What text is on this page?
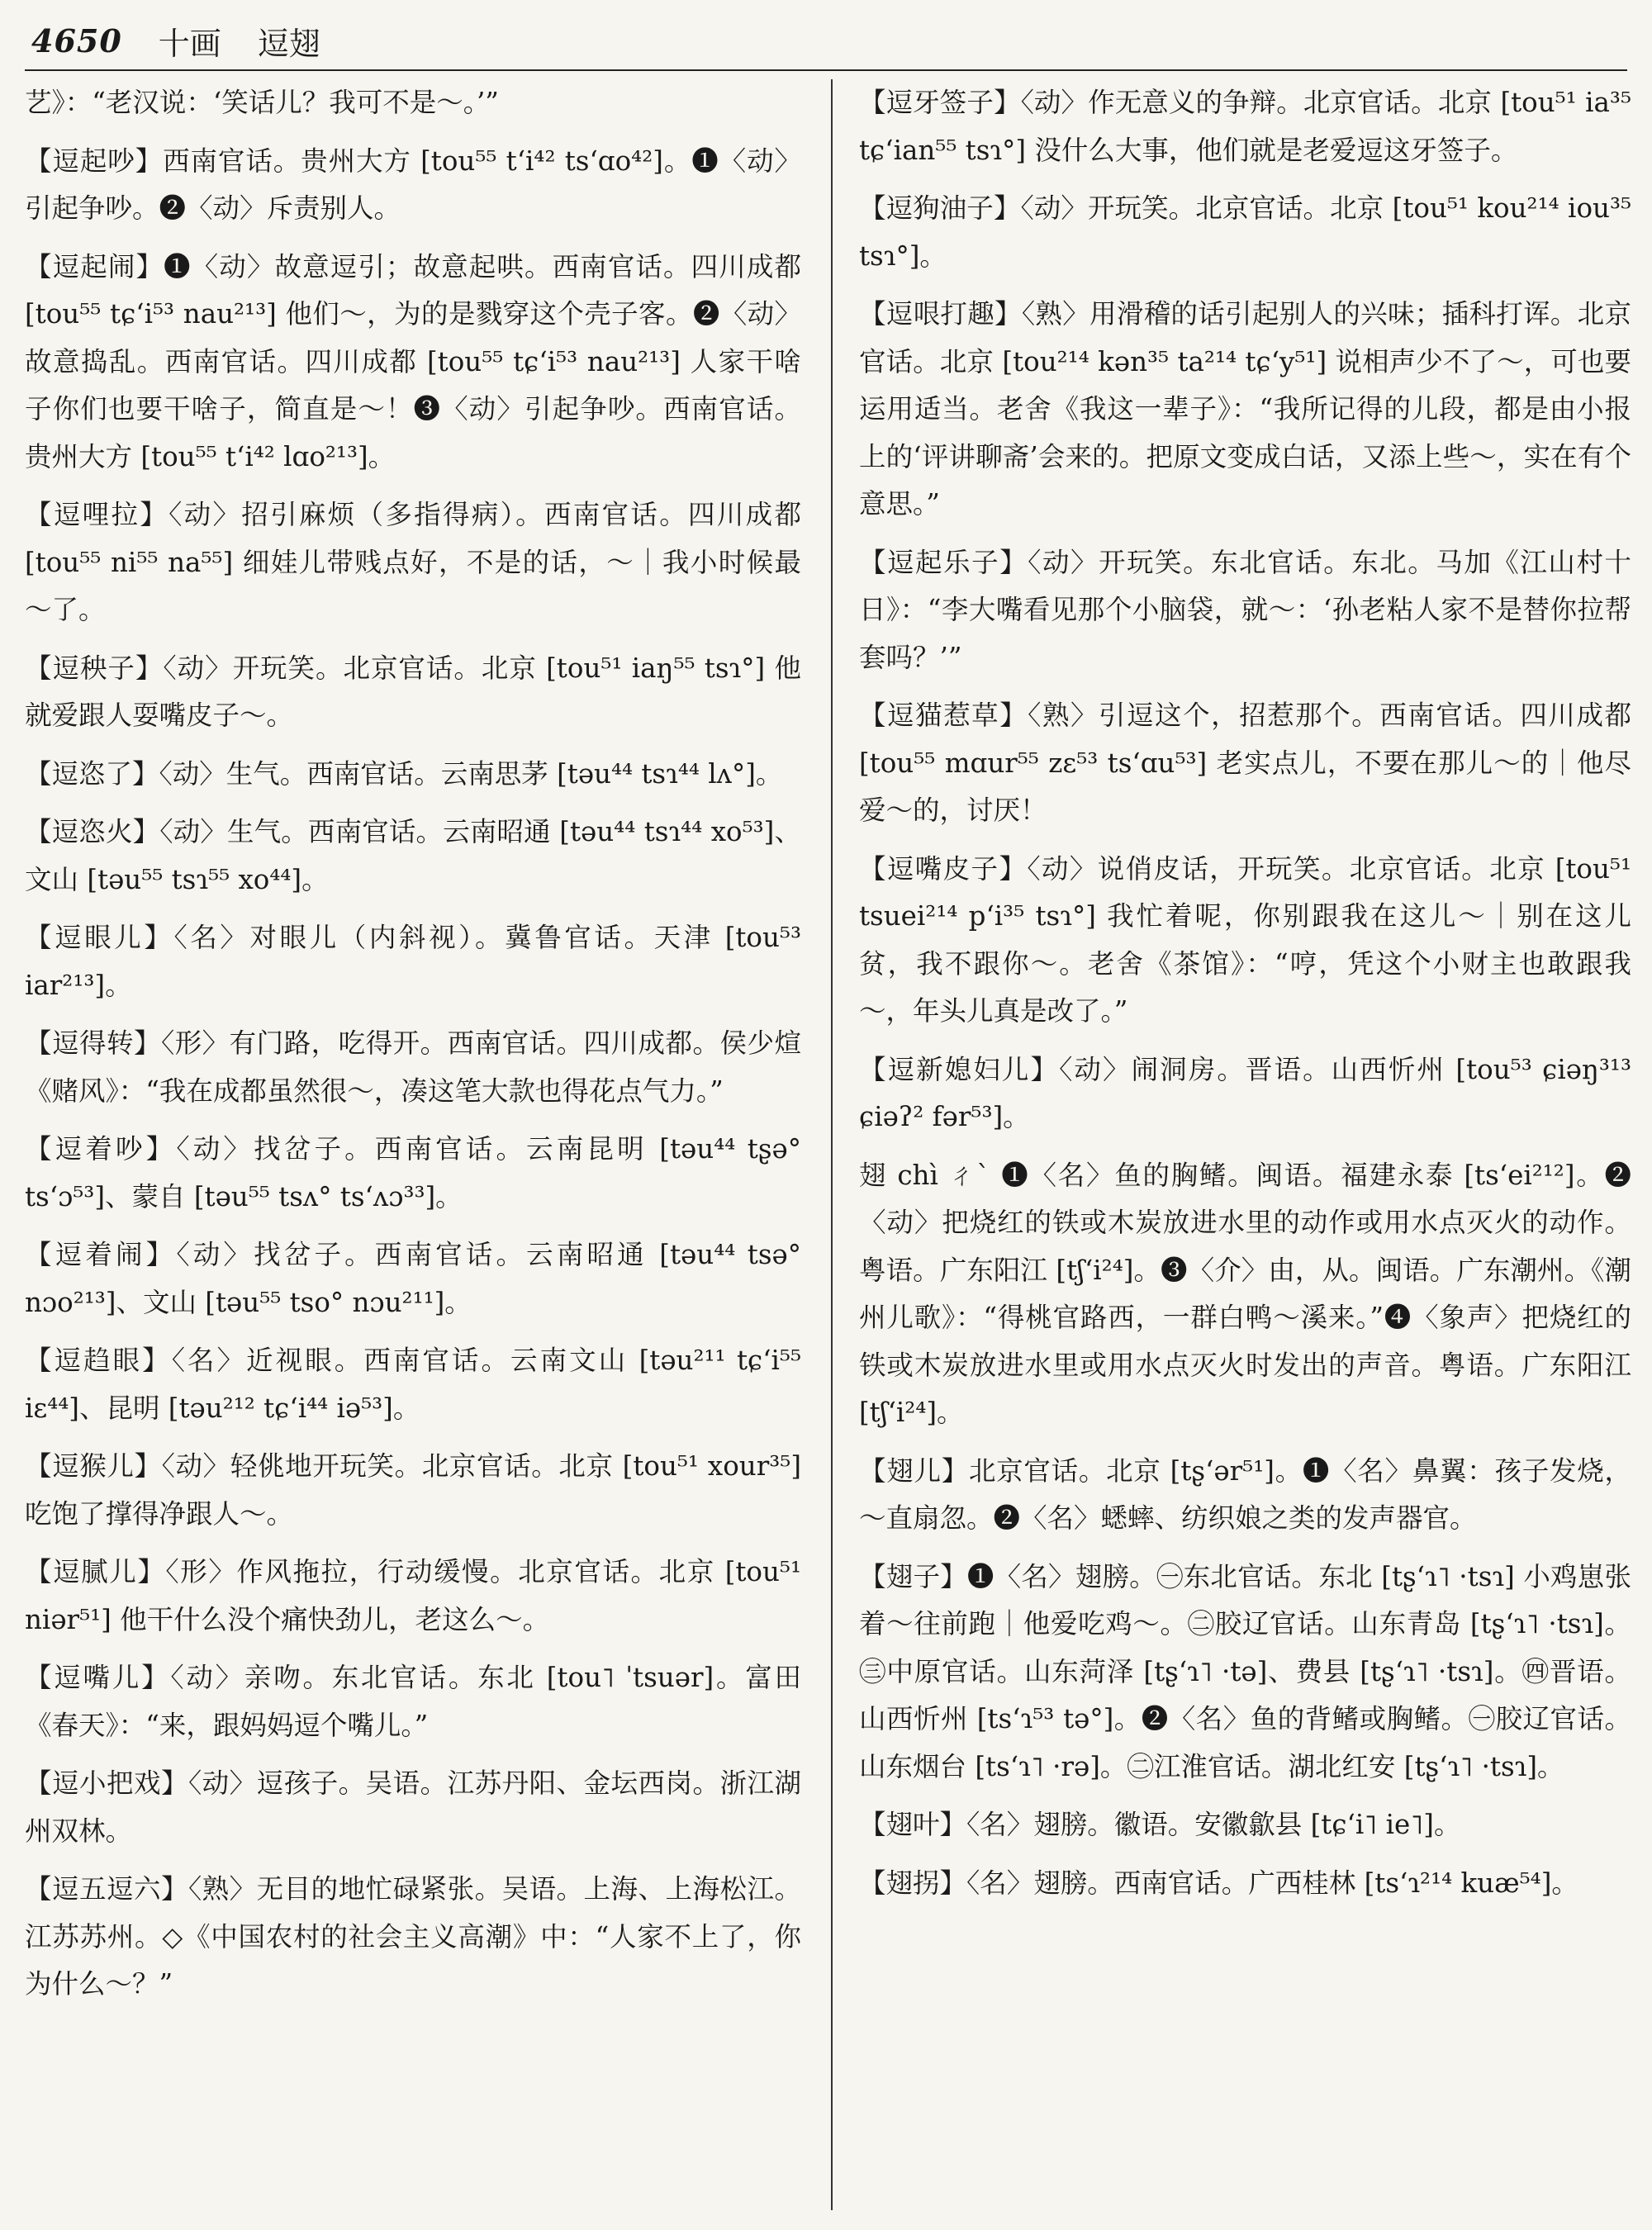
4650 十画 逗翅
艺》：“老汉说：‘笑话儿？我可不是～。’”
【逗起吵】西南官话。贵州大方 [tou⁵⁵ t‘i⁴² ts‘ɑo⁴²]。❶〈动〉引起争吵。❷〈动〉斥责别人。
【逗起闹】❶〈动〉故意逗引；故意起哄。西南官话。四川成都 [tou⁵⁵ tɕ‘i⁵³ nau²¹³] 他们～，为的是戮穿这个壳子客。❷〈动〉故意捣乱。西南官话。四川成都 [tou⁵⁵ tɕ‘i⁵³ nau²¹³] 人家干啥子你们也要干啥子，简直是～！❸〈动〉引起争吵。西南官话。贵州大方 [tou⁵⁵ t‘i⁴² lɑo²¹³]。
【逗哩拉】〈动〉招引麻烦（多指得病）。西南官话。四川成都 [tou⁵⁵ ni⁵⁵ na⁵⁵] 细娃儿带贱点好，不是的话，～｜我小时候最～了。
【逗秧子】〈动〉开玩笑。北京官话。北京 [tou⁵¹ iaŋ⁵⁵ tsɿ°] 他就爱跟人耍嘴皮子～。
【逗恣了】〈动〉生气。西南官话。云南思茅 [təu⁴⁴ tsɿ⁴⁴ lʌ°]。
【逗恣火】〈动〉生气。西南官话。云南昭通 [təu⁴⁴ tsɿ⁴⁴ xo⁵³]、文山 [təu⁵⁵ tsɿ⁵⁵ xo⁴⁴]。
【逗眼儿】〈名〉对眼儿（内斜视）。冀鲁官话。天津 [tou⁵³ iar²¹³]。
【逗得转】〈形〉有门路，吃得开。西南官话。四川成都。侯少煊《赌风》：“我在成都虽然很～，凑这笔大款也得花点气力。”
【逗着吵】〈动〉找岔子。西南官话。云南昆明 [təu⁴⁴ tʂə° ts‘ɔ⁵³]、蒙自 [təu⁵⁵ tsʌ° ts‘ʌɔ³³]。
【逗着闹】〈动〉找岔子。西南官话。云南昭通 [təu⁴⁴ tsə° nɔo²¹³]、文山 [təu⁵⁵ tso° nɔu²¹¹]。
【逗趋眼】〈名〉近视眼。西南官话。云南文山 [təu²¹¹ tɕ‘i⁵⁵ iɛ⁴⁴]、昆明 [təu²¹² tɕ‘i⁴⁴ iə⁵³]。
【逗猴儿】〈动〉轻佻地开玩笑。北京官话。北京 [tou⁵¹ xour³⁵] 吃饱了撑得净跟人～。
【逗腻儿】〈形〉作风拖拉，行动缓慢。北京官话。北京 [tou⁵¹ niər⁵¹] 他干什么没个痛快劲儿，老这么～。
【逗嘴儿】〈动〉亲吻。东北官话。东北 [tou˥ ˈtsuər]。富田《春天》：“来，跟妈妈逗个嘴儿。”
【逗小把戏】〈动〉逗孩子。吴语。江苏丹阳、金坛西岗。浙江湖州双林。
【逗五逗六】〈熟〉无目的地忙碌紧张。吴语。上海、上海松江。江苏苏州。◇《中国农村的社会主义高潮》中：“人家不上了，你为什么～？”
【逗牙签子】〈动〉作无意义的争辩。北京官话。北京 [tou⁵¹ ia³⁵ tɕ‘ian⁵⁵ tsɿ°] 没什么大事，他们就是老爱逗这牙签子。
【逗狗油子】〈动〉开玩笑。北京官话。北京 [tou⁵¹ kou²¹⁴ iou³⁵ tsɿ°]。
【逗哏打趣】〈熟〉用滑稽的话引起别人的兴味；插科打诨。北京官话。北京 [tou²¹⁴ kən³⁵ ta²¹⁴ tɕ‘y⁵¹] 说相声少不了～，可也要运用适当。老舍《我这一辈子》：“我所记得的儿段，都是由小报上的‘评讲聊斋’会来的。把原文变成白话，又添上些～，实在有个意思。”
【逗起乐子】〈动〉开玩笑。东北官话。东北。马加《江山村十日》：“李大嘴看见那个小脑袋，就～：‘孙老粘人家不是替你拉帮套吗？’”
【逗猫惹草】〈熟〉引逗这个，招惹那个。西南官话。四川成都 [tou⁵⁵ mɑur⁵⁵ zɛ⁵³ ts‘ɑu⁵³] 老实点儿，不要在那儿～的｜他尽爱～的，讨厌！
【逗嘴皮子】〈动〉说俏皮话，开玩笑。北京官话。北京 [tou⁵¹ tsuei²¹⁴ p‘i³⁵ tsɿ°] 我忙着呢，你别跟我在这儿～｜别在这儿贫，我不跟你～。老舍《茶馆》：“哼，凭这个小财主也敢跟我～，年头儿真是改了。”
【逗新媳妇儿】〈动〉闹洞房。晋语。山西忻州 [tou⁵³ ɕiəŋ³¹³ ɕiəʔ² fər⁵³]。
翅 chì ㄔˋ ❶〈名〉鱼的胸鳍。闽语。福建永泰 [ts‘ei²¹²]。❷〈动〉把烧红的铁或木炭放进水里的动作或用水点灭火的动作。粤语。广东阳江 [tʃ‘i²⁴]。❸〈介〉由，从。闽语。广东潮州。《潮州儿歌》：“得桃官路西，一群白鸭～溪来。”❹〈象声〉把烧红的铁或木炭放进水里或用水点灭火时发出的声音。粤语。广东阳江 [tʃ‘i²⁴]。
【翅儿】北京官话。北京 [tʂ‘ər⁵¹]。❶〈名〉鼻翼：孩子发烧，～直扇忽。❷〈名〉蟋蟀、纺织娘之类的发声器官。
【翅子】❶〈名〉翅膀。㊀东北官话。东北 [tʂ‘ɿ˥ ·tsɿ] 小鸡崽张着～往前跑｜他爱吃鸡～。㊁胶辽官话。山东青岛 [tʂ‘ɿ˥ ·tsɿ]。㊂中原官话。山东菏泽 [tʂ‘ɿ˥ ·tə]、费县 [tʂ‘ɿ˥ ·tsɿ]。㊃晋语。山西忻州 [ts‘ɿ⁵³ tə°]。❷〈名〉鱼的背鳍或胸鳍。㊀胶辽官话。山东烟台 [ts‘ɿ˥ ·rə]。㊁江淮官话。湖北红安 [tʂ‘ɿ˥ ·tsɿ]。
【翅叶】〈名〉翅膀。徽语。安徽歙县 [tɕ‘i˥ ie˥]。
【翅拐】〈名〉翅膀。西南官话。广西桂林 [ts‘ɿ²¹⁴ kuæ⁵⁴]。
